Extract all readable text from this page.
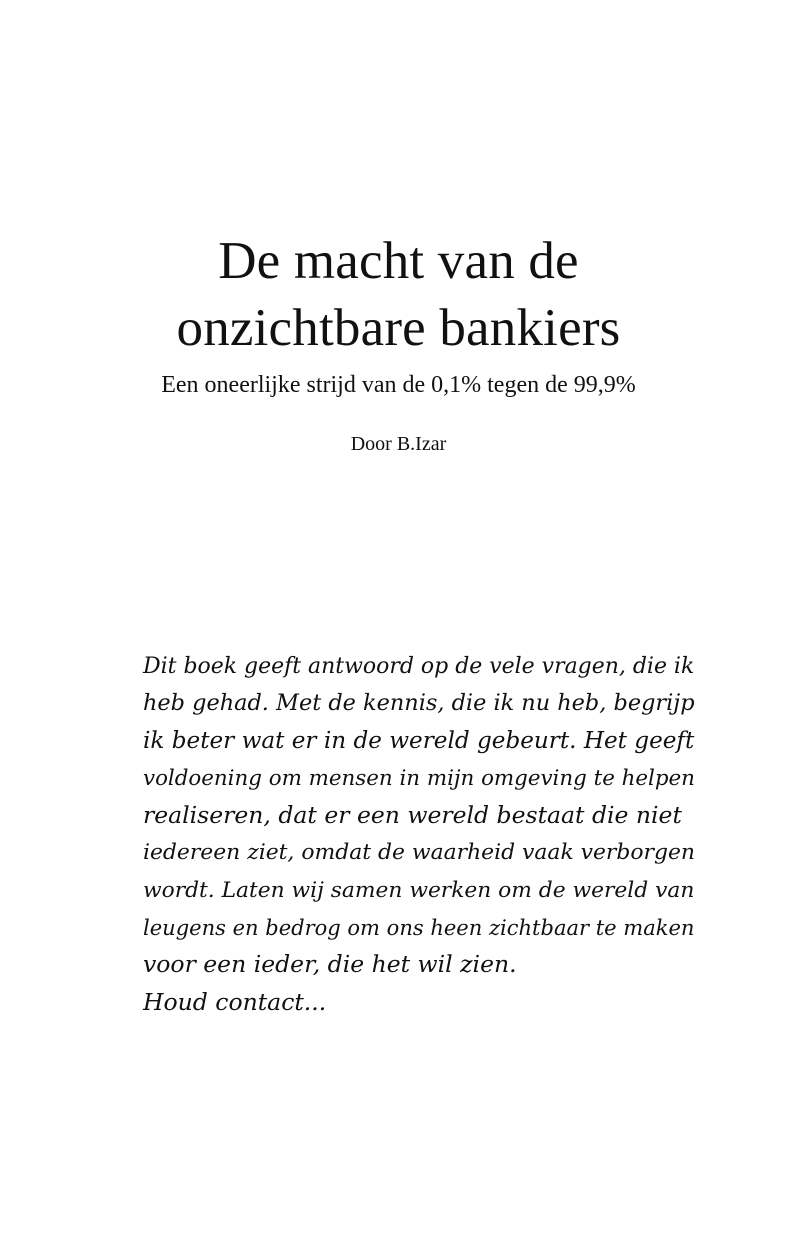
De macht van de
onzichtbare bankiers
Een oneerlijke strijd van de 0,1% tegen de 99,9%
Door B.Izar
Dit boek geeft antwoord op de vele vragen, die ik
heb gehad. Met de kennis, die ik nu heb, begrijp
ik beter wat er in de wereld gebeurt. Het geeft
voldoening om mensen in mijn omgeving te helpen
realiseren, dat er een wereld bestaat die niet
iedereen ziet, omdat de waarheid vaak verborgen
wordt. Laten wij samen werken om de wereld van
leugens en bedrog om ons heen zichtbaar te maken
voor een ieder, die het wil zien.
Houd contact...
